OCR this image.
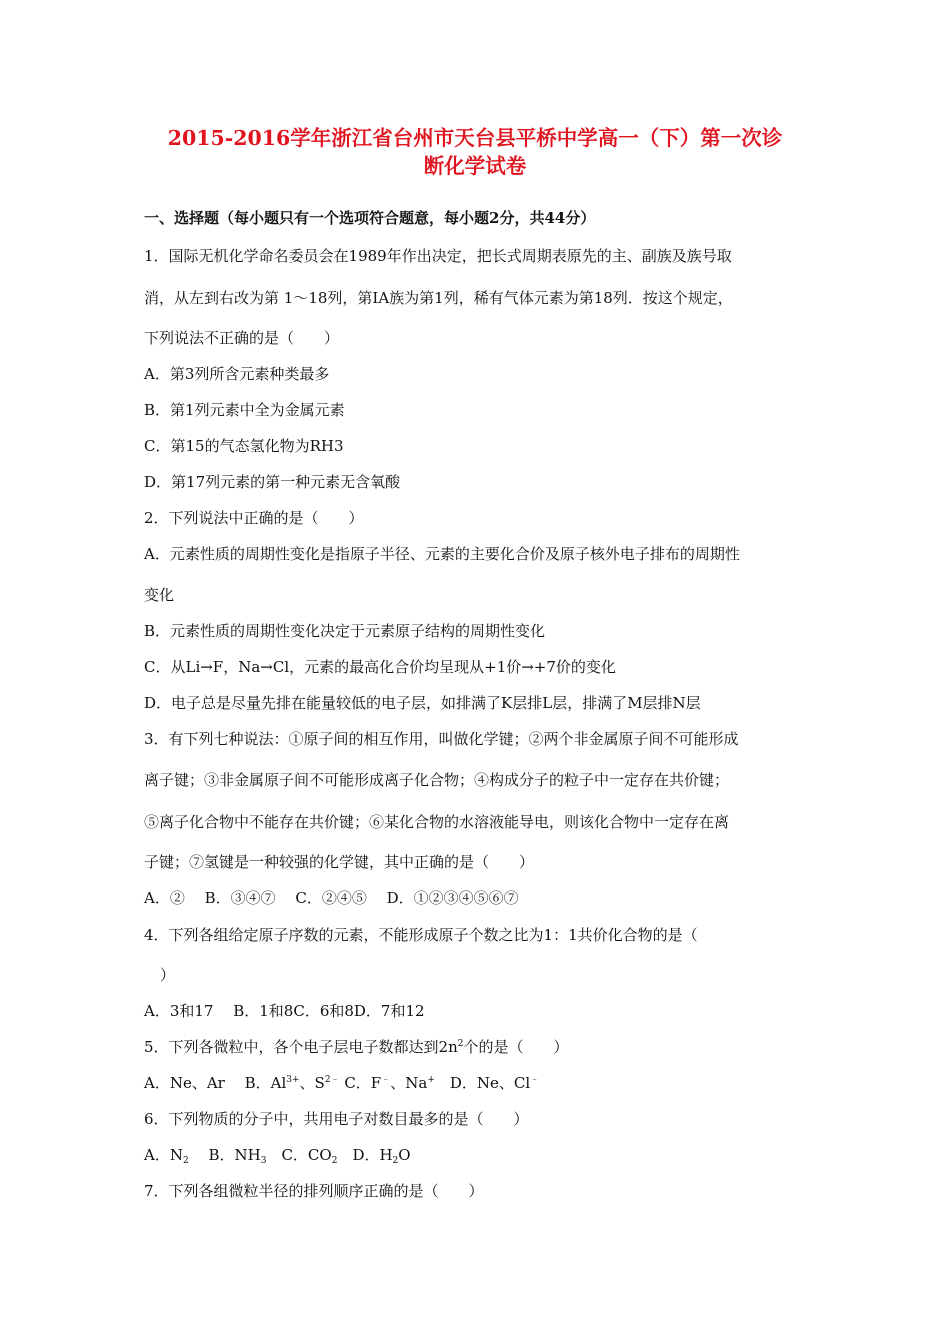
2015-2016学年浙江省台州市天台县平桥中学高一（下）第一次诊
断化学试卷
一、选择题（每小题只有一个选项符合题意，每小题2分，共44分）
1．国际无机化学命名委员会在1989年作出决定，把长式周期表原先的主、副族及族号取
消，从左到右改为第 1～18列，第ⅠA族为第1列，稀有气体元素为第18列．按这个规定，
下列说法不正确的是（　　）
A．第3列所含元素种类最多
B．第1列元素中全为金属元素
C．第15的气态氢化物为RH3
D．第17列元素的第一种元素无含氧酸
2．下列说法中正确的是（　　）
A．元素性质的周期性变化是指原子半径、元素的主要化合价及原子核外电子排布的周期性
变化
B．元素性质的周期性变化决定于元素原子结构的周期性变化
C．从Li→F，Na→Cl，元素的最高化合价均呈现从+1价→+7价的变化
D．电子总是尽量先排在能量较低的电子层，如排满了K层排L层，排满了M层排N层
3．有下列七种说法：①原子间的相互作用，叫做化学键；②两个非金属原子间不可能形成
离子键；③非金属原子间不可能形成离子化合物；④构成分子的粒子中一定存在共价键；
⑤离子化合物中不能存在共价键；⑥某化合物的水溶液能导电，则该化合物中一定存在离
子键；⑦氢键是一种较强的化学键，其中正确的是（　　）
A．②　 B．③④⑦　 C．②④⑤　 D．①②③④⑤⑥⑦
4．下列各组给定原子序数的元素，不能形成原子个数之比为1：1共价化合物的是（
）
A．3和17　 B．1和8C．6和8D．7和12
5．下列各微粒中，各个电子层电子数都达到$2n^2$个的是（　　）
A．Ne、Ar　 B．$Al^{3+}$、$S^{2﹣}$ C．F﹣、Na+　D．Ne、Cl﹣
6．下列物质的分子中，共用电子对数目最多的是（　　）
A．$N_2$　 B．$NH_3$　C．$CO_2$　D．$H_2O$
7．下列各组微粒半径的排列顺序正确的是（　　）
